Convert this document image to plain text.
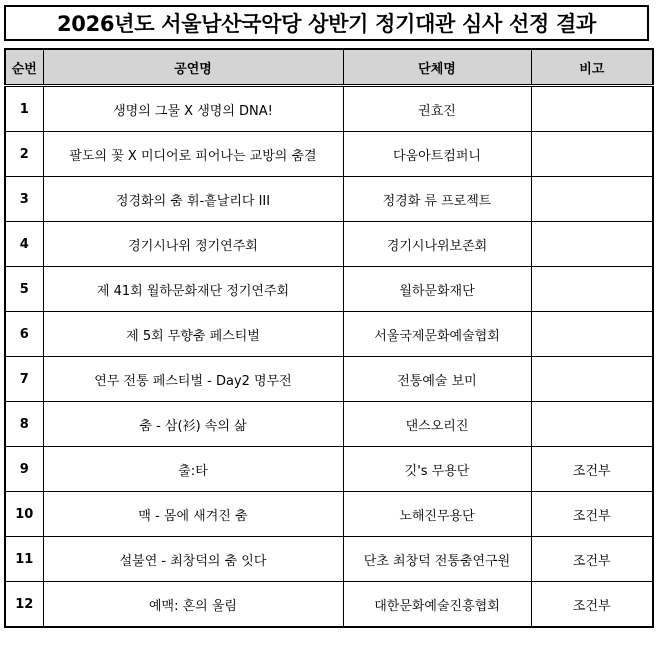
2026년도 서울남산국악당 상반기 정기대관 심사 선정 결과
순번	공연명	단체명	비고
1	생명의 그물 X 생명의 DNA!	권효진	
2	팔도의 꽃 X 미디어로 피어나는 교방의 춤결	다움아트컴퍼니	
3	정경화의 춤 휘-흩날리다 III	정경화 류 프로젝트	
4	경기시나위 정기연주회	경기시나위보존회	
5	제 41회 월하문화재단 정기연주회	월하문화재단	
6	제 5회 무향춤 페스티벌	서울국제문화예술협회	
7	연무 전통 페스티벌 - Day2 명무전	전통예술 보미	
8	춤 - 삼(衫) 속의 삶	댄스오리진	
9	출:타	깃's 무용단	조건부
10	맥 - 몸에 새겨진 춤	노해진무용단	조건부
11	설불연 - 최창덕의 춤 잇다	단초 최창덕 전통춤연구원	조건부
12	예맥: 혼의 울림	대한문화예술진흥협회	조건부
